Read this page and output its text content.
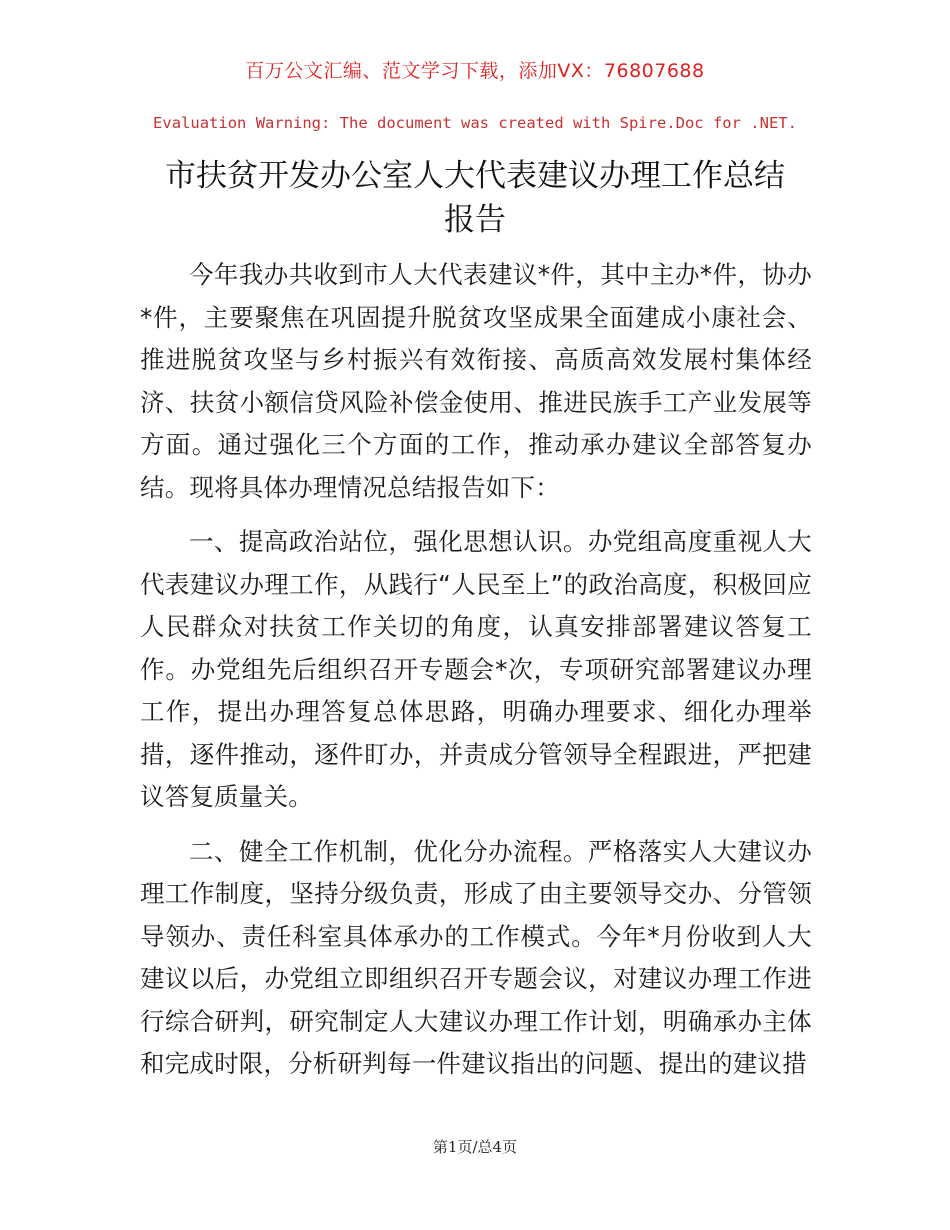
百万公文汇编、范文学习下载，添加VX：76807688
Evaluation Warning: The document was created with Spire.Doc for .NET.
市扶贫开发办公室人大代表建议办理工作总结
报告

今年我办共收到市人大代表建议*件，其中主办*件，协办*件，主要聚焦在巩固提升脱贫攻坚成果全面建成小康社会、推进脱贫攻坚与乡村振兴有效衔接、高质高效发展村集体经济、扶贫小额信贷风险补偿金使用、推进民族手工产业发展等方面。通过强化三个方面的工作，推动承办建议全部答复办结。现将具体办理情况总结报告如下：

一、提高政治站位，强化思想认识。办党组高度重视人大代表建议办理工作，从践行“人民至上”的政治高度，积极回应人民群众对扶贫工作关切的角度，认真安排部署建议答复工作。办党组先后组织召开专题会*次，专项研究部署建议办理工作，提出办理答复总体思路，明确办理要求、细化办理举措，逐件推动，逐件盯办，并责成分管领导全程跟进，严把建议答复质量关。

二、健全工作机制，优化分办流程。严格落实人大建议办理工作制度，坚持分级负责，形成了由主要领导交办、分管领导领办、责任科室具体承办的工作模式。今年*月份收到人大建议以后，办党组立即组织召开专题会议，对建议办理工作进行综合研判，研究制定人大建议办理工作计划，明确承办主体和完成时限，分析研判每一件建议指出的问题、提出的建议措

第1页/总4页
